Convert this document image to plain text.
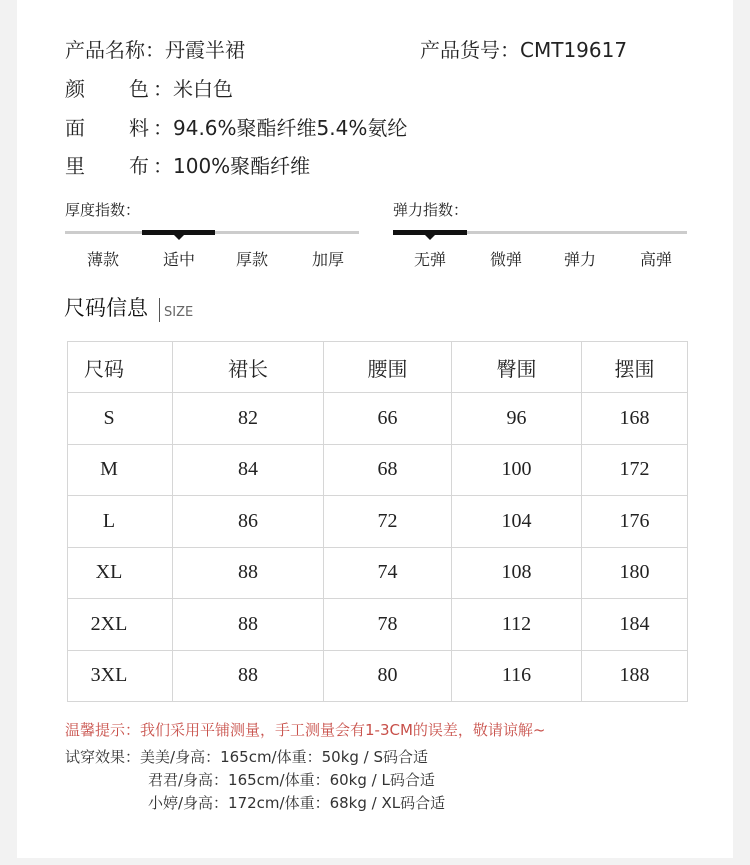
产品名称：丹霞半裙	产品货号：CMT19617
颜 色 ：米白色
面 料 ：94.6%聚酯纤维5.4%氨纶
里 布 ：100%聚酯纤维
厚度指数：
薄款	适中	厚款	加厚
弹力指数：
无弹	微弹	弹力	高弹
尺码信息 SIZE
尺码	裙长	腰围	臀围	摆围
S	82	66	96	168
M	84	68	100	172
L	86	72	104	176
XL	88	74	108	180
2XL	88	78	112	184
3XL	88	80	116	188
温馨提示：我们采用平铺测量，手工测量会有1-3CM的误差，敬请谅解~
试穿效果：美美/身高：165cm/体重：50kg / S码合适
君君/身高：165cm/体重：60kg / L码合适
小婷/身高：172cm/体重：68kg / XL码合适
